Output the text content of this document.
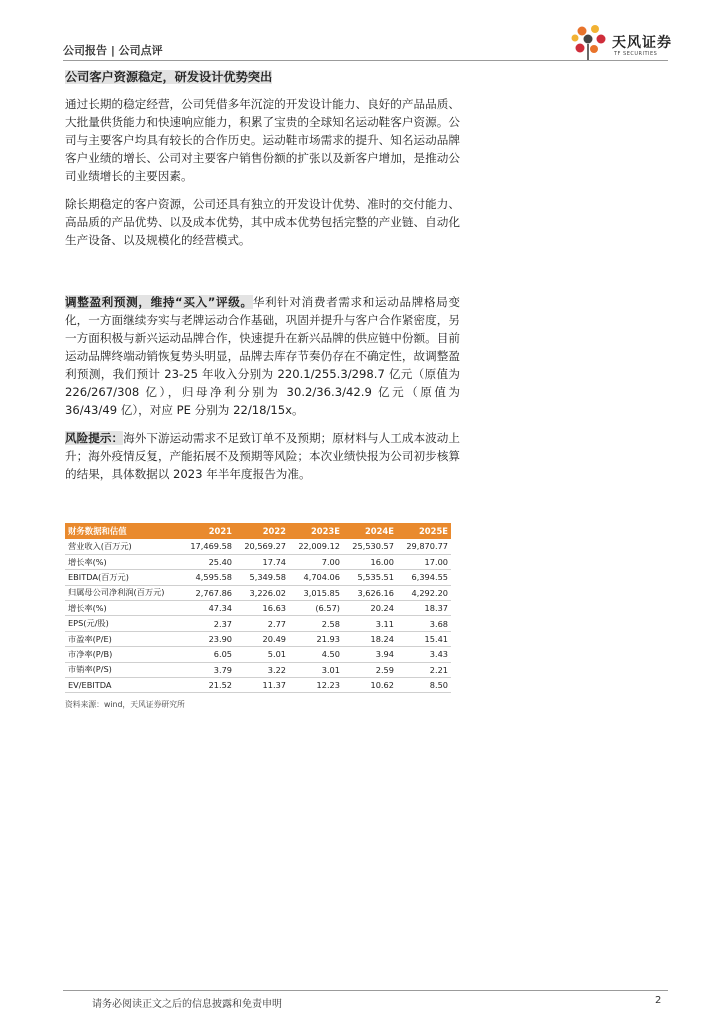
公司报告 | 公司点评	天风证券
TF SECURITIES
公司客户资源稳定，研发设计优势突出

通过长期的稳定经营，公司凭借多年沉淀的开发设计能力、良好的产品品质、大批量供货能力和快速响应能力，积累了宝贵的全球知名运动鞋客户资源。公司与主要客户均具有较长的合作历史。运动鞋市场需求的提升、知名运动品牌客户业绩的增长、公司对主要客户销售份额的扩张以及新客户增加，是推动公司业绩增长的主要因素。

除长期稳定的客户资源，公司还具有独立的开发设计优势、准时的交付能力、高品质的产品优势、以及成本优势，其中成本优势包括完整的产业链、自动化生产设备、以及规模化的经营模式。

调整盈利预测，维持“买入”评级。华利针对消费者需求和运动品牌格局变化，一方面继续夯实与老牌运动合作基础，巩固并提升与客户合作紧密度，另一方面积极与新兴运动品牌合作，快速提升在新兴品牌的供应链中份额。目前运动品牌终端动销恢复势头明显，品牌去库存节奏仍存在不确定性，故调整盈利预测，我们预计 23-25 年收入分别为 220.1/255.3/298.7 亿元（原值为 226/267/308 亿），归母净利分别为 30.2/36.3/42.9 亿元（原值为 36/43/49 亿），对应 PE 分别为 22/18/15x。

风险提示：海外下游运动需求不足致订单不及预期；原材料与人工成本波动上升；海外疫情反复，产能拓展不及预期等风险；本次业绩快报为公司初步核算的结果，具体数据以 2023 年半年度报告为准。

财务数据和估值	2021	2022	2023E	2024E	2025E
营业收入(百万元)	17,469.58	20,569.27	22,009.12	25,530.57	29,870.77
增长率(%)	25.40	17.74	7.00	16.00	17.00
EBITDA(百万元)	4,595.58	5,349.58	4,704.06	5,535.51	6,394.55
归属母公司净利润(百万元)	2,767.86	3,226.02	3,015.85	3,626.16	4,292.20
增长率(%)	47.34	16.63	(6.57)	20.24	18.37
EPS(元/股)	2.37	2.77	2.58	3.11	3.68
市盈率(P/E)	23.90	20.49	21.93	18.24	15.41
市净率(P/B)	6.05	5.01	4.50	3.94	3.43
市销率(P/S)	3.79	3.22	3.01	2.59	2.21
EV/EBITDA	21.52	11.37	12.23	10.62	8.50
资料来源：wind，天风证券研究所
请务必阅读正文之后的信息披露和免责申明	2
